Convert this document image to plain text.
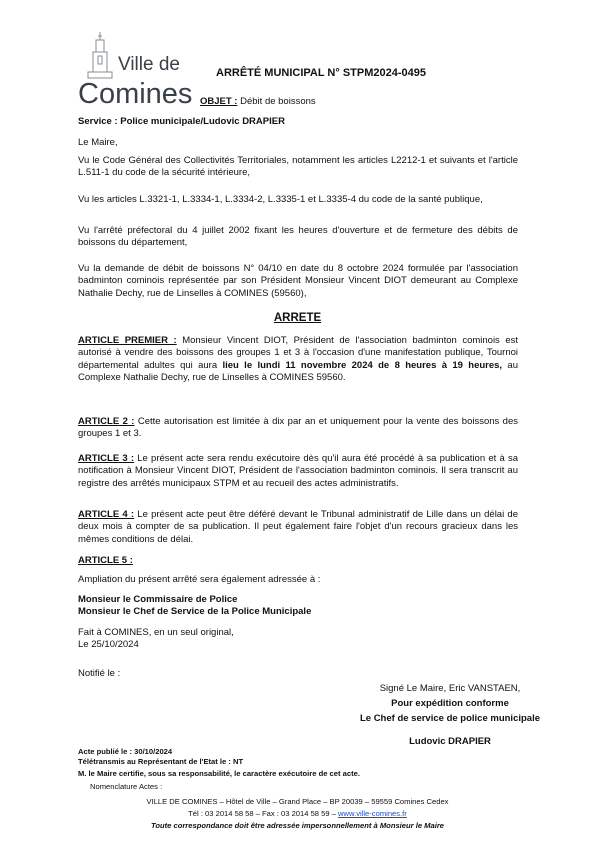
Ville de
Comines
ARRÊTÉ MUNICIPAL N° STPM2024-0495
OBJET : Débit de boissons
Service : Police municipale/Ludovic DRAPIER
Le Maire,
Vu le Code Général des Collectivités Territoriales, notamment les articles L2212-1 et suivants et l'article L.511-1 du code de la sécurité intérieure,
Vu les articles L.3321-1, L.3334-1, L.3334-2, L.3335-1 et L.3335-4 du code de la santé publique,
Vu l'arrêté préfectoral du 4 juillet 2002 fixant les heures d'ouverture et de fermeture des débits de boissons du département,
Vu la demande de débit de boissons N° 04/10 en date du 8 octobre 2024 formulée par l'association badminton cominois représentée par son Président Monsieur Vincent DIOT demeurant au Complexe Nathalie Dechy, rue de Linselles à COMINES (59560),
ARRETE
ARTICLE PREMIER : Monsieur Vincent DIOT, Président de l'association badminton cominois est autorisé à vendre des boissons des groupes 1 et 3 à l'occasion d'une manifestation publique, Tournoi départemental adultes qui aura lieu le lundi 11 novembre 2024 de 8 heures à 19 heures, au Complexe Nathalie Dechy, rue de Linselles à COMINES 59560.
ARTICLE 2 : Cette autorisation est limitée à dix par an et uniquement pour la vente des boissons des groupes 1 et 3.
ARTICLE 3 : Le présent acte sera rendu exécutoire dès qu'il aura été procédé à sa publication et à sa notification à Monsieur Vincent DIOT, Président de l'association badminton cominois. Il sera transcrit au registre des arrêtés municipaux STPM et au recueil des actes administratifs.
ARTICLE 4 : Le présent acte peut être déféré devant le Tribunal administratif de Lille dans un délai de deux mois à compter de sa publication. Il peut également faire l'objet d'un recours gracieux dans les mêmes conditions de délai.
ARTICLE 5 :
Ampliation du présent arrêté sera également adressée à :
Monsieur le Commissaire de Police
Monsieur le Chef de Service de la Police Municipale
Fait à COMINES, en un seul original,
Le 25/10/2024
Notifié le :
Signé Le Maire, Eric VANSTAEN,
Pour expédition conforme
Le Chef de service de police municipale
Ludovic DRAPIER
Acte publié le : 30/10/2024
Télétransmis au Représentant de l'Etat le : NT
M. le Maire certifie, sous sa responsabilité, le caractère exécutoire de cet acte.
Nomenclature Actes :
VILLE DE COMINES – Hôtel de Ville – Grand Place – BP 20039 – 59559 Comines Cedex
Tél : 03 2014 58 58 – Fax : 03 2014 58 59 – www.ville-comines.fr
Toute correspondance doit être adressée impersonnellement à Monsieur le Maire
